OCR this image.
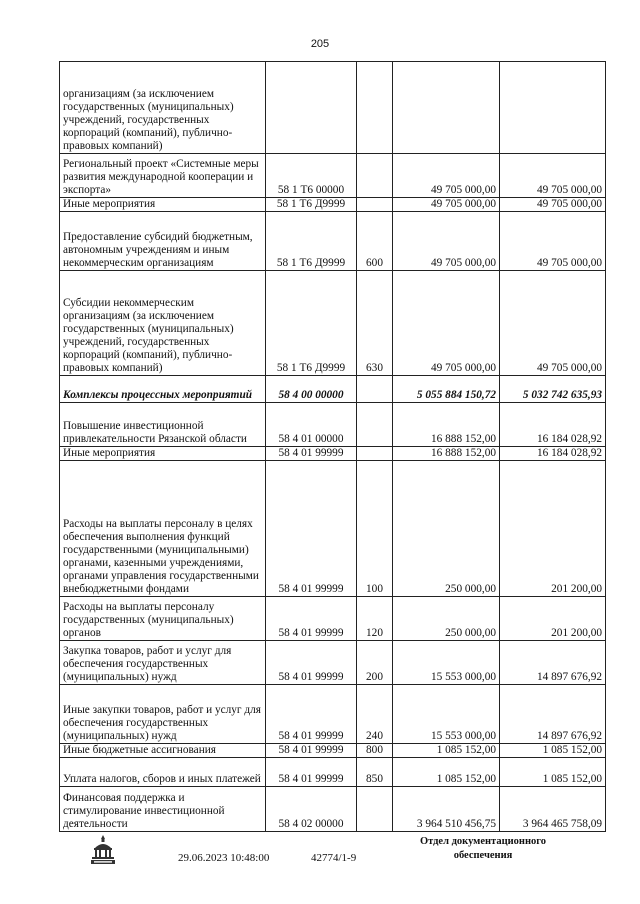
205
организациям (за исключением государственных (муниципальных) учреждений, государственных корпораций (компаний), публично-правовых компаний)				
Региональный проект «Системные меры развития международной кооперации и экспорта»	58 1 Т6 00000		49 705 000,00	49 705 000,00
Иные мероприятия	58 1 Т6 Д9999		49 705 000,00	49 705 000,00
Предоставление субсидий бюджетным, автономным учреждениям и иным некоммерческим организациям	58 1 Т6 Д9999	600	49 705 000,00	49 705 000,00
Субсидии некоммерческим организациям (за исключением государственных (муниципальных) учреждений, государственных корпораций (компаний), публично-правовых компаний)	58 1 Т6 Д9999	630	49 705 000,00	49 705 000,00
Комплексы процессных мероприятий	58 4 00 00000		5 055 884 150,72	5 032 742 635,93
Повышение инвестиционной привлекательности Рязанской области	58 4 01 00000		16 888 152,00	16 184 028,92
Иные мероприятия	58 4 01 99999		16 888 152,00	16 184 028,92
Расходы на выплаты персоналу в целях обеспечения выполнения функций государственными (муниципальными) органами, казенными учреждениями, органами управления государственными внебюджетными фондами	58 4 01 99999	100	250 000,00	201 200,00
Расходы на выплаты персоналу государственных (муниципальных) органов	58 4 01 99999	120	250 000,00	201 200,00
Закупка товаров, работ и услуг для обеспечения государственных (муниципальных) нужд	58 4 01 99999	200	15 553 000,00	14 897 676,92
Иные закупки товаров, работ и услуг для обеспечения государственных (муниципальных) нужд	58 4 01 99999	240	15 553 000,00	14 897 676,92
Иные бюджетные ассигнования	58 4 01 99999	800	1 085 152,00	1 085 152,00
Уплата налогов, сборов и иных платежей	58 4 01 99999	850	1 085 152,00	1 085 152,00
Финансовая поддержка и стимулирование инвестиционной деятельности	58 4 02 00000		3 964 510 456,75	3 964 465 758,09
29.06.2023 10:48:00	42774/1-9
Отдел документационного
обеспечения
